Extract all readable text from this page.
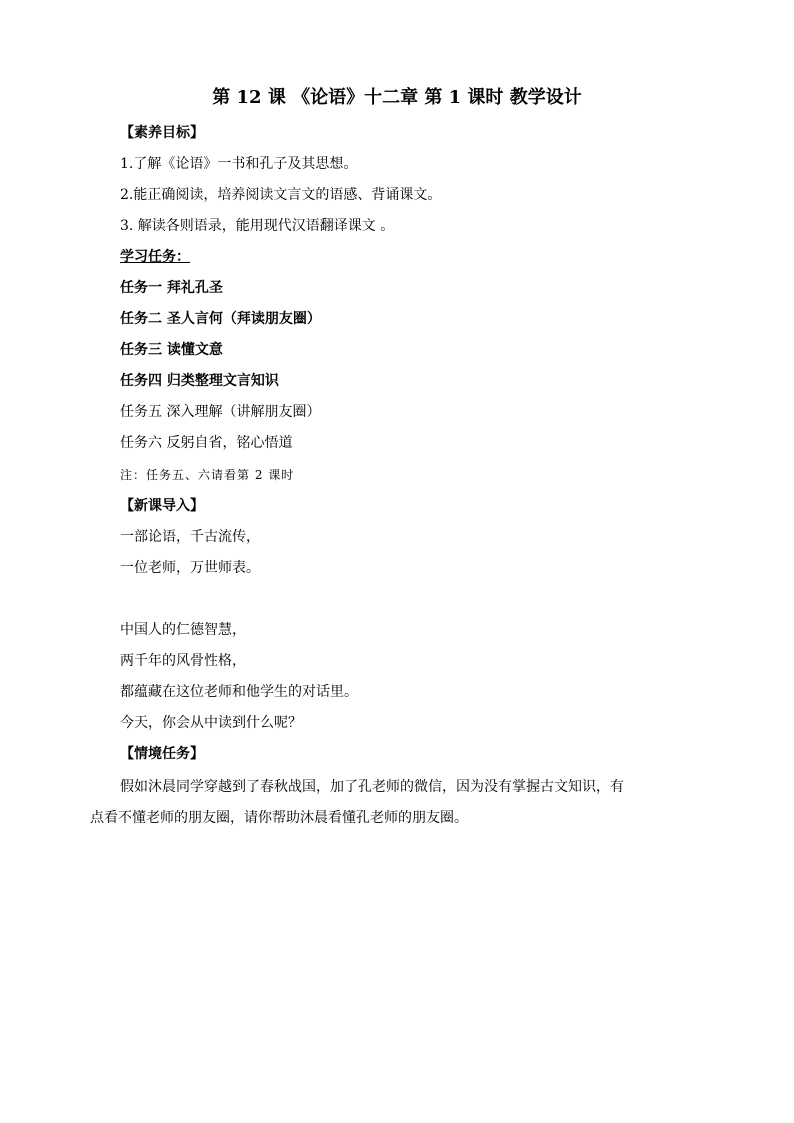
第 12 课 《论语》十二章 第 1 课时 教学设计
【素养目标】
1.了解《论语》一书和孔子及其思想。
2.能正确阅读，培养阅读文言文的语感、背诵课文。
3. 解读各则语录，能用现代汉语翻译课文 。
学习任务：
任务一 拜礼孔圣
任务二 圣人言何（拜读朋友圈）
任务三 读懂文意
任务四 归类整理文言知识
任务五 深入理解（讲解朋友圈）
任务六 反躬自省，铭心悟道
注：任务五、六请看第 2 课时
【新课导入】
一部论语，千古流传，
一位老师，万世师表。
中国人的仁德智慧，
两千年的风骨性格，
都蕴藏在这位老师和他学生的对话里。
今天，你会从中读到什么呢？
【情境任务】
假如沐晨同学穿越到了春秋战国，加了孔老师的微信，因为没有掌握古文知识，有
点看不懂老师的朋友圈，请你帮助沐晨看懂孔老师的朋友圈。
